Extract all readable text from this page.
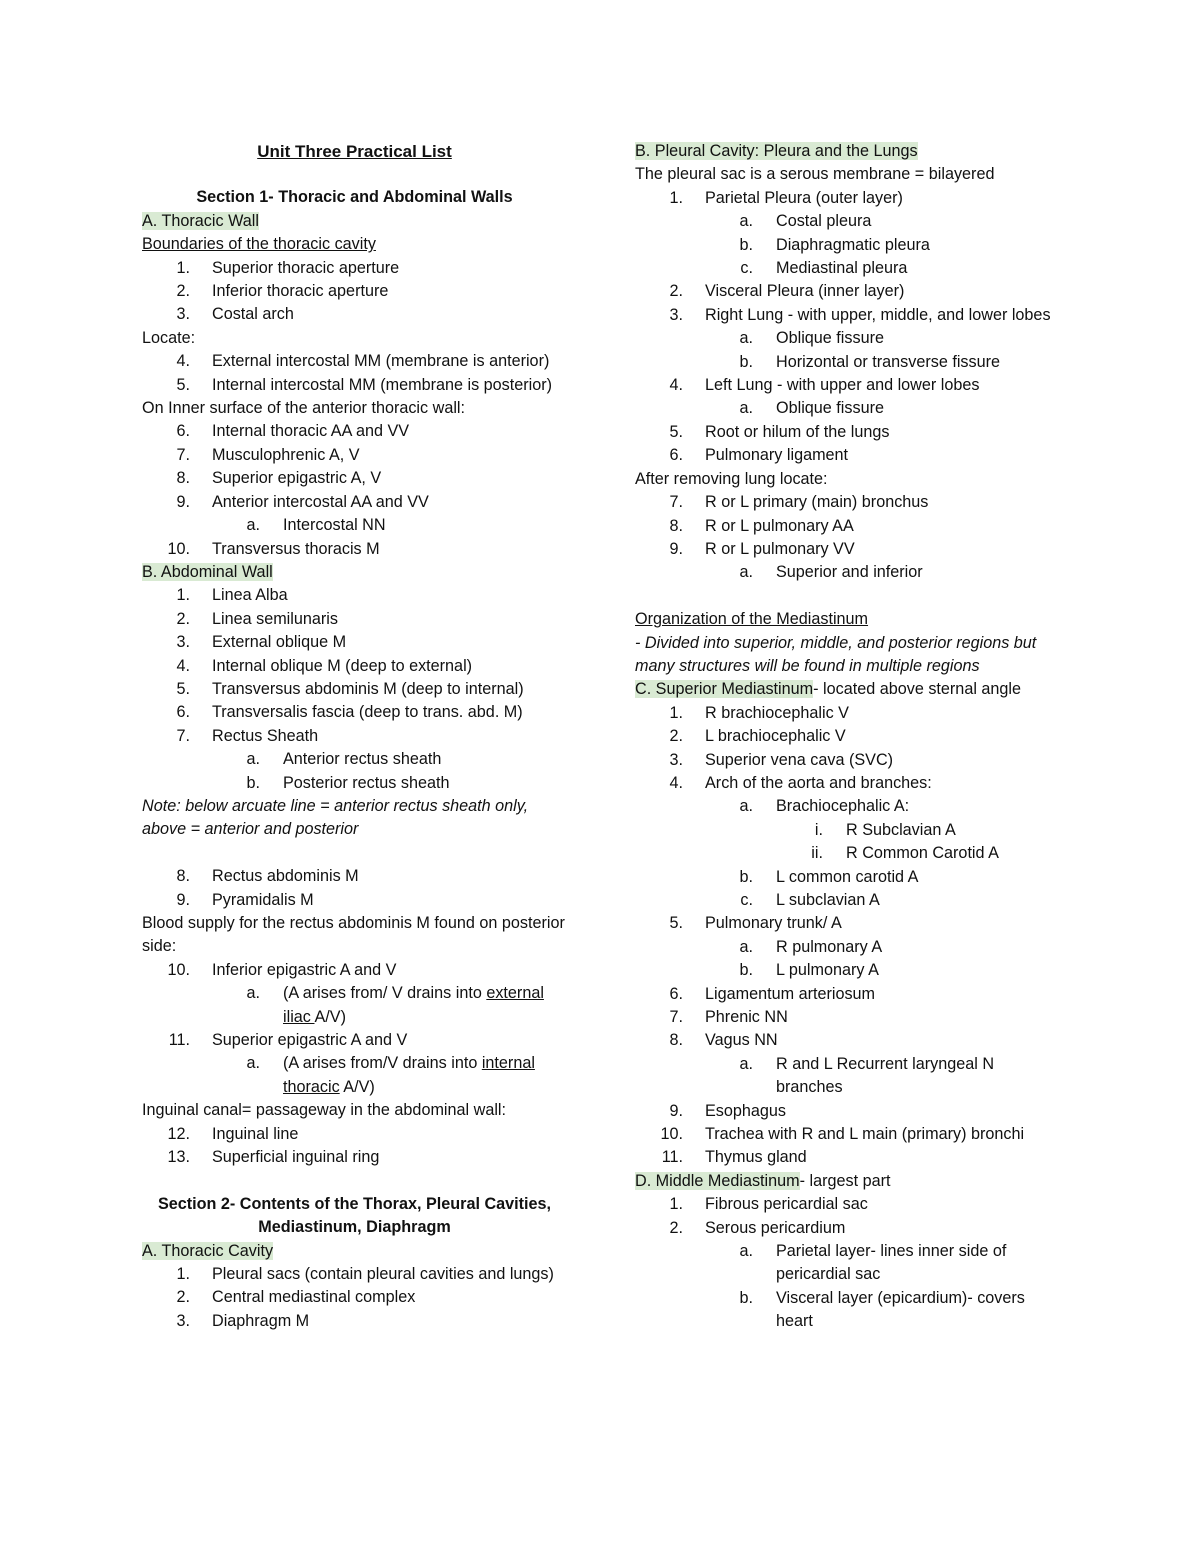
Unit Three Practical List
Section 1- Thoracic and Abdominal Walls
A. Thoracic Wall
Boundaries of the thoracic cavity
1. Superior thoracic aperture
2. Inferior thoracic aperture
3. Costal arch
Locate:
4. External intercostal MM (membrane is anterior)
5. Internal intercostal MM (membrane is posterior)
On Inner surface of the anterior thoracic wall:
6. Internal thoracic AA and VV
7. Musculophrenic A, V
8. Superior epigastric A, V
9. Anterior intercostal AA and VV
a. Intercostal NN
10. Transversus thoracis M
B. Abdominal Wall
1. Linea Alba
2. Linea semilunaris
3. External oblique M
4. Internal oblique M (deep to external)
5. Transversus abdominis M (deep to internal)
6. Transversalis fascia (deep to trans. abd. M)
7. Rectus Sheath
a. Anterior rectus sheath
b. Posterior rectus sheath
Note: below arcuate line = anterior rectus sheath only, above = anterior and posterior
8. Rectus abdominis M
9. Pyramidalis M
Blood supply for the rectus abdominis M found on posterior side:
10. Inferior epigastric A and V
a. (A arises from/ V drains into external iliac A/V)
11. Superior epigastric A and V
a. (A arises from/V drains into internal thoracic A/V)
Inguinal canal= passageway in the abdominal wall:
12. Inguinal line
13. Superficial inguinal ring
Section 2- Contents of the Thorax, Pleural Cavities, Mediastinum, Diaphragm
A. Thoracic Cavity
1. Pleural sacs (contain pleural cavities and lungs)
2. Central mediastinal complex
3. Diaphragm M
B. Pleural Cavity: Pleura and the Lungs
The pleural sac is a serous membrane = bilayered
1. Parietal Pleura (outer layer)
a. Costal pleura
b. Diaphragmatic pleura
c. Mediastinal pleura
2. Visceral Pleura (inner layer)
3. Right Lung - with upper, middle, and lower lobes
a. Oblique fissure
b. Horizontal or transverse fissure
4. Left Lung - with upper and lower lobes
a. Oblique fissure
5. Root or hilum of the lungs
6. Pulmonary ligament
After removing lung locate:
7. R or L primary (main) bronchus
8. R or L pulmonary AA
9. R or L pulmonary VV
a. Superior and inferior
Organization of the Mediastinum
- Divided into superior, middle, and posterior regions but many structures will be found in multiple regions
C. Superior Mediastinum- located above sternal angle
1. R brachiocephalic V
2. L brachiocephalic V
3. Superior vena cava (SVC)
4. Arch of the aorta and branches:
a. Brachiocephalic A:
i. R Subclavian A
ii. R Common Carotid A
b. L common carotid A
c. L subclavian A
5. Pulmonary trunk/ A
a. R pulmonary A
b. L pulmonary A
6. Ligamentum arteriosum
7. Phrenic NN
8. Vagus NN
a. R and L Recurrent laryngeal N branches
9. Esophagus
10. Trachea with R and L main (primary) bronchi
11. Thymus gland
D. Middle Mediastinum- largest part
1. Fibrous pericardial sac
2. Serous pericardium
a. Parietal layer- lines inner side of pericardial sac
b. Visceral layer (epicardium)- covers heart
